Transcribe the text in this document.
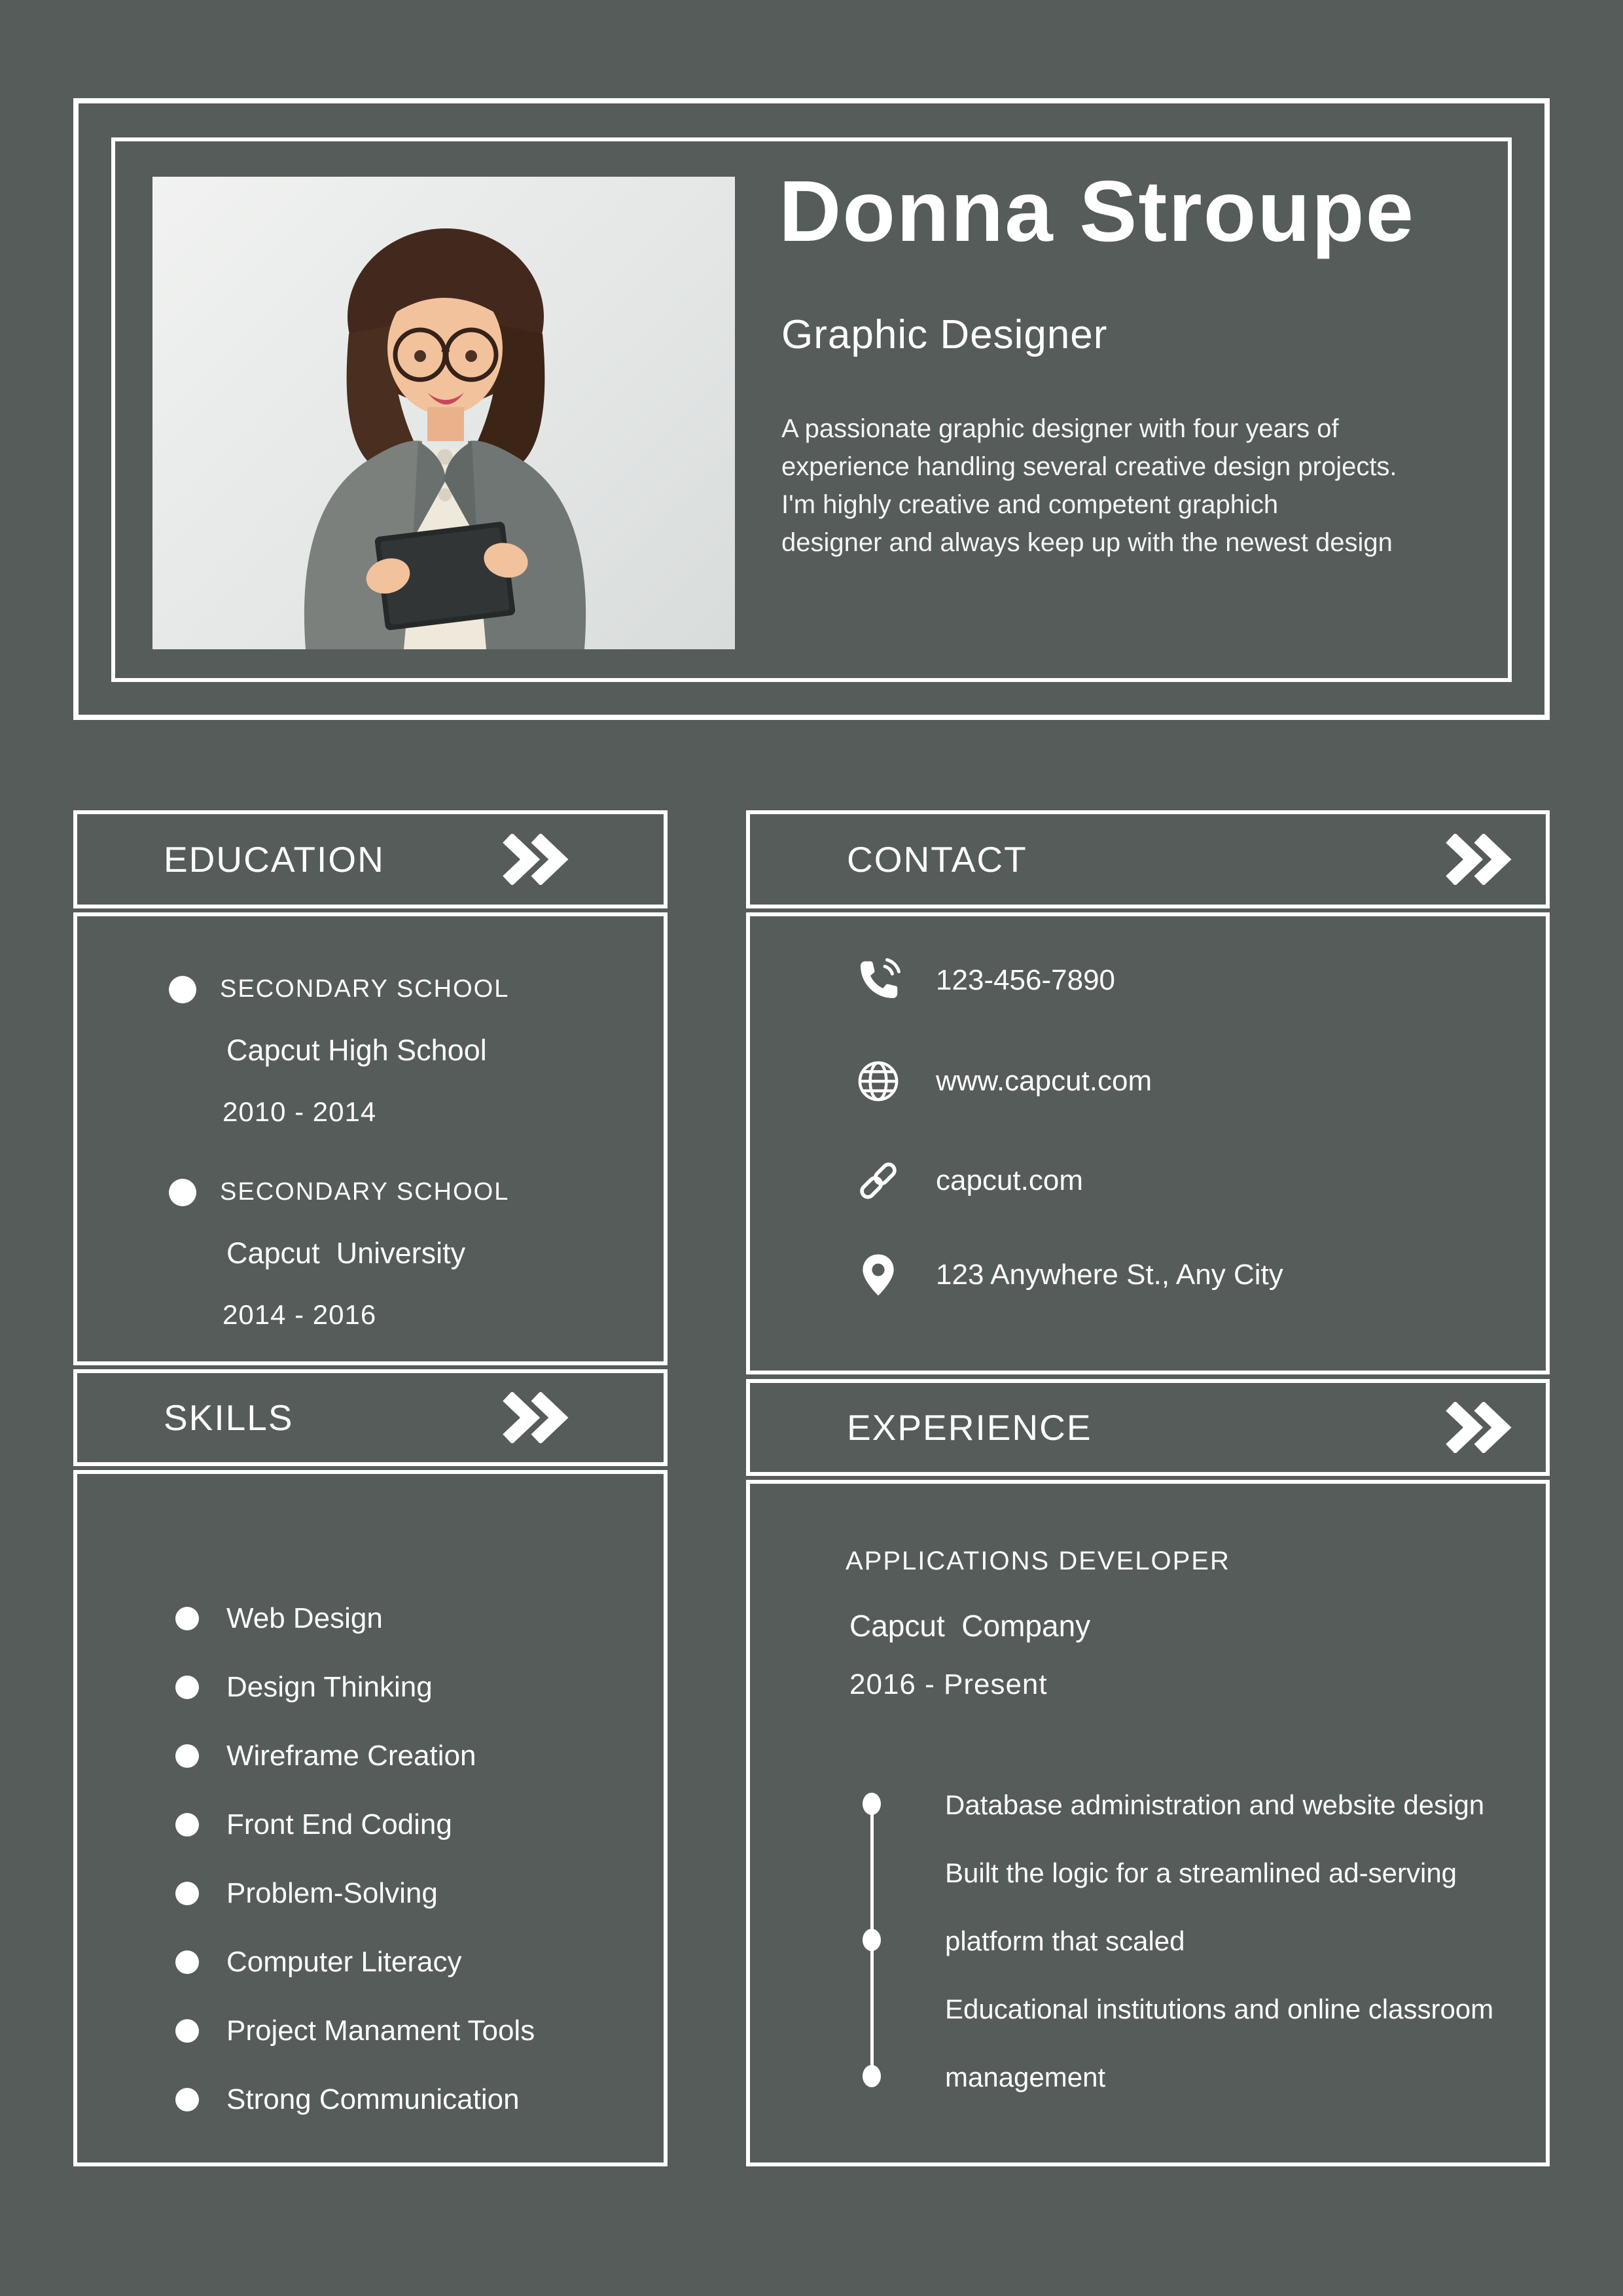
Donna Stroupe
Graphic Designer
A passionate graphic designer with four years of
experience handling several creative design projects.
I'm highly creative and competent graphich
designer and always keep up with the newest design
EDUCATION	CONTACT
SKILLS	EXPERIENCE
SECONDARY SCHOOL
Capcut High School
2010 - 2014
SECONDARY SCHOOL
Capcut  University
2014 - 2016
123-456-7890
www.capcut.com
capcut.com
123 Anywhere St., Any City
Web Design
Design Thinking
Wireframe Creation
Front End Coding
Problem-Solving
Computer Literacy
Project Manament Tools
Strong Communication
APPLICATIONS DEVELOPER
Capcut  Company
2016 - Present
Database administration and website design
Built the logic for a streamlined ad-serving
platform that scaled
Educational institutions and online classroom
management
